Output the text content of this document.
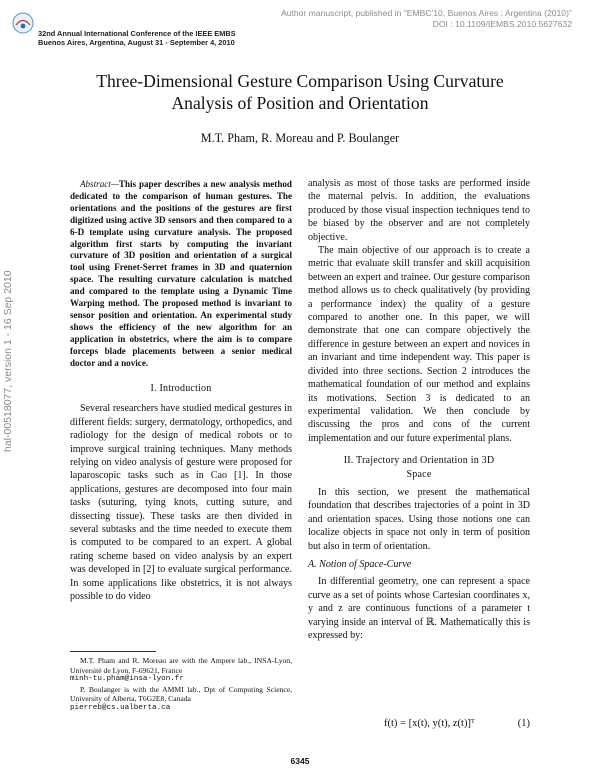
Author manuscript, published in "EMBC'10, Buenos Aires : Argentina (2010)"
DOI : 10.1109/IEMBS.2010.5627632
32nd Annual International Conference of the IEEE EMBS
Buenos Aires, Argentina, August 31 - September 4, 2010
hal-00518077, version 1 - 16 Sep 2010
Three-Dimensional Gesture Comparison Using Curvature
Analysis of Position and Orientation
M.T. Pham, R. Moreau and P. Boulanger

Abstract—This paper describes a new analysis method dedicated to the comparison of human gestures. The orientations and the positions of the gestures are first digitized using active 3D sensors and then compared to a 6-D template using curvature analysis. The proposed algorithm first starts by computing the invariant curvature of 3D position and orientation of a surgical tool using Frenet-Serret frames in 3D and quaternion space. The resulting curvature calculation is matched and compared to the template using a Dynamic Time Warping method. The proposed method is invariant to sensor position and orientation. An experimental study shows the efficiency of the new algorithm for an application in obstetrics, where the aim is to compare forceps blade placements between a senior medical doctor and a novice.

I. Introduction

Several researchers have studied medical gestures in different fields: surgery, dermatology, orthopedics, and radiology for the design of medical robots or to improve surgical training techniques. Many methods relying on video analysis of gesture were proposed for laparoscopic tasks such as in Cao [1]. In those applications, gestures are decomposed into four main tasks (suturing, tying knots, cutting suture, and dissecting tissue). These tasks are then divided in several subtasks and the time needed to execute them is computed to be compared to an expert. A global rating scheme based on video analysis by an expert was developed in [2] to evaluate surgical performance. In some applications like obstetrics, it is not always possible to do video

M.T. Pham and R. Moreau are with the Ampere lab., INSA-Lyon, Université de Lyon, F-69621, France

minh-tu.pham@insa-lyon.fr

P. Boulanger is with the AMMI lab., Dpt of Computing Science, University of Alberta, T6G2E8, Canada

pierreb@cs.ualberta.ca

analysis as most of those tasks are performed inside the maternal pelvis. In addition, the evaluations produced by those visual inspection techniques tend to be biased by the observer and are not completely objective.

The main objective of our approach is to create a metric that evaluate skill transfer and skill acquisition between an expert and trainee. Our gesture comparison method allows us to check qualitatively (by providing a performance index) the quality of a gesture compared to another one. In this paper, we will demonstrate that one can compare objectively the difference in gesture between an expert and novices in an invariant and time independent way. This paper is divided into three sections. Section 2 introduces the mathematical foundation of our method and explains its motivations. Section 3 is dedicated to an experimental validation. We then conclude by discussing the pros and cons of the current implementation and our future experimental plans.

II. Trajectory and Orientation in 3D
Space

In this section, we present the mathematical foundation that describes trajectories of a point in 3D and orientation spaces. Using those notions one can localize objects in space not only in term of position but also in term of orientation.

A. Notion of Space-Curve

In differential geometry, one can represent a space curve as a set of points whose Cartesian coordinates x, y and z are continuous functions of a parameter t varying inside an interval of ℝ. Mathematically this is expressed by:

f(t) = [x(t), y(t), z(t)]ᵀ	(1)
6345
